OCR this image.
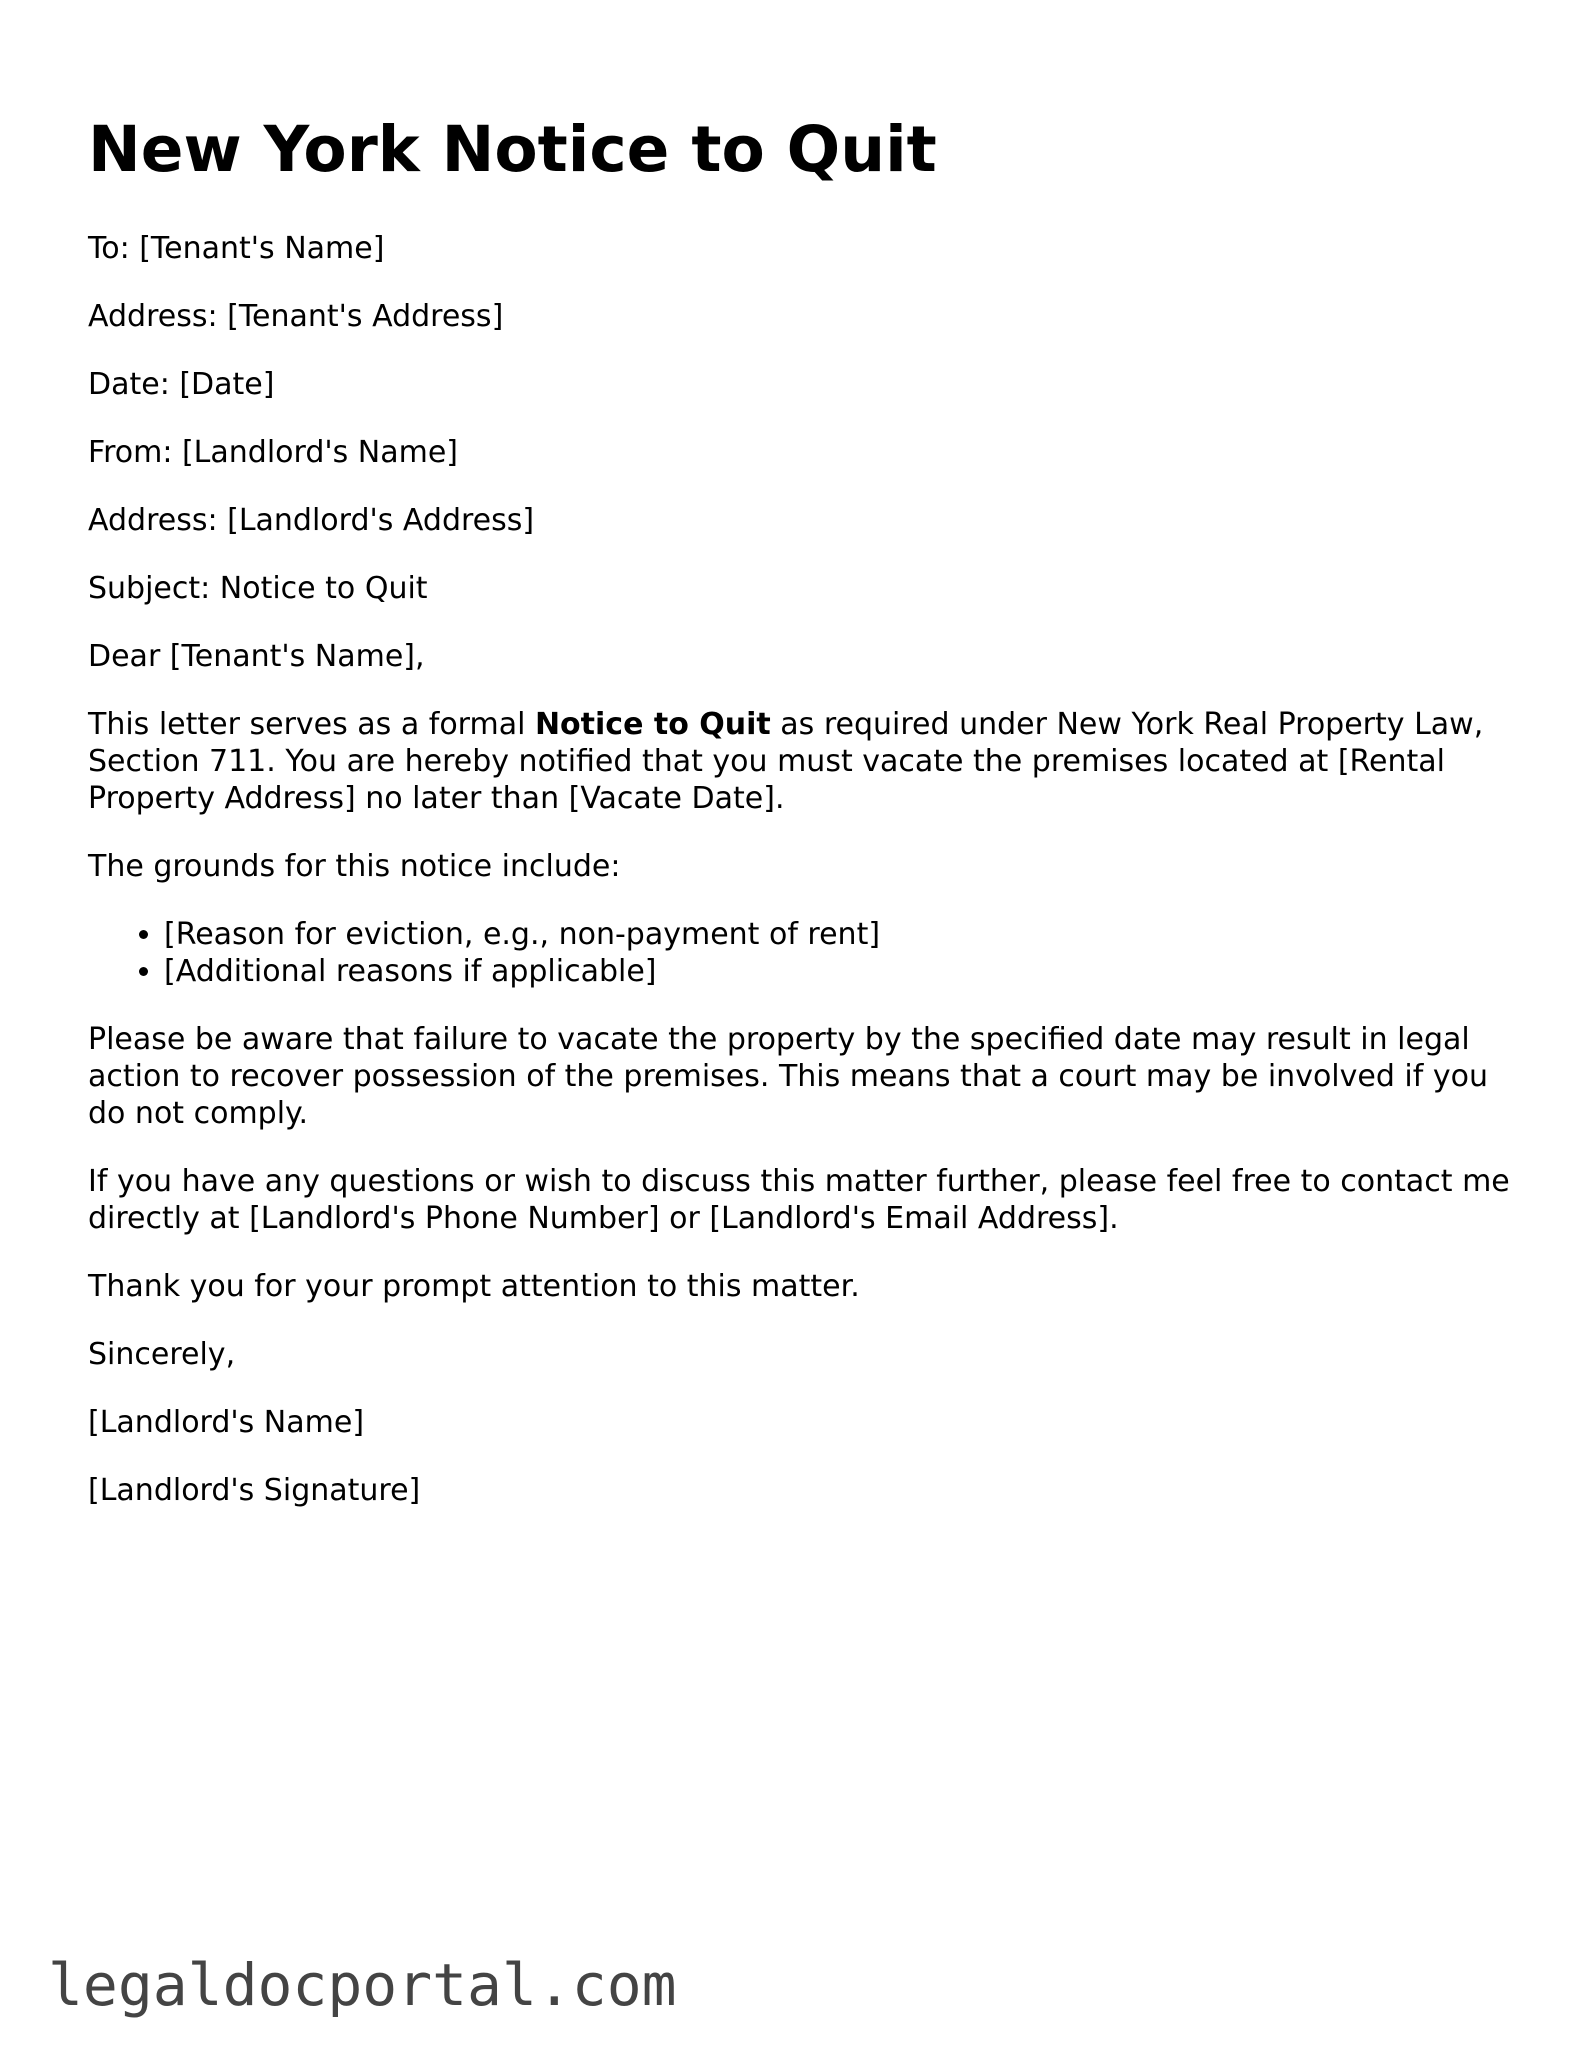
New York Notice to Quit

To: [Tenant's Name]

Address: [Tenant's Address]

Date: [Date]

From: [Landlord's Name]

Address: [Landlord's Address]

Subject: Notice to Quit

Dear [Tenant's Name],

This letter serves as a formal Notice to Quit as required under New York Real Property Law, Section 711. You are hereby notified that you must vacate the premises located at [Rental Property Address] no later than [Vacate Date].

The grounds for this notice include:

• [Reason for eviction, e.g., non-payment of rent]
• [Additional reasons if applicable]

Please be aware that failure to vacate the property by the specified date may result in legal action to recover possession of the premises. This means that a court may be involved if you do not comply.

If you have any questions or wish to discuss this matter further, please feel free to contact me directly at [Landlord's Phone Number] or [Landlord's Email Address].

Thank you for your prompt attention to this matter.

Sincerely,

[Landlord's Name]

[Landlord's Signature]

legaldocportal.com
